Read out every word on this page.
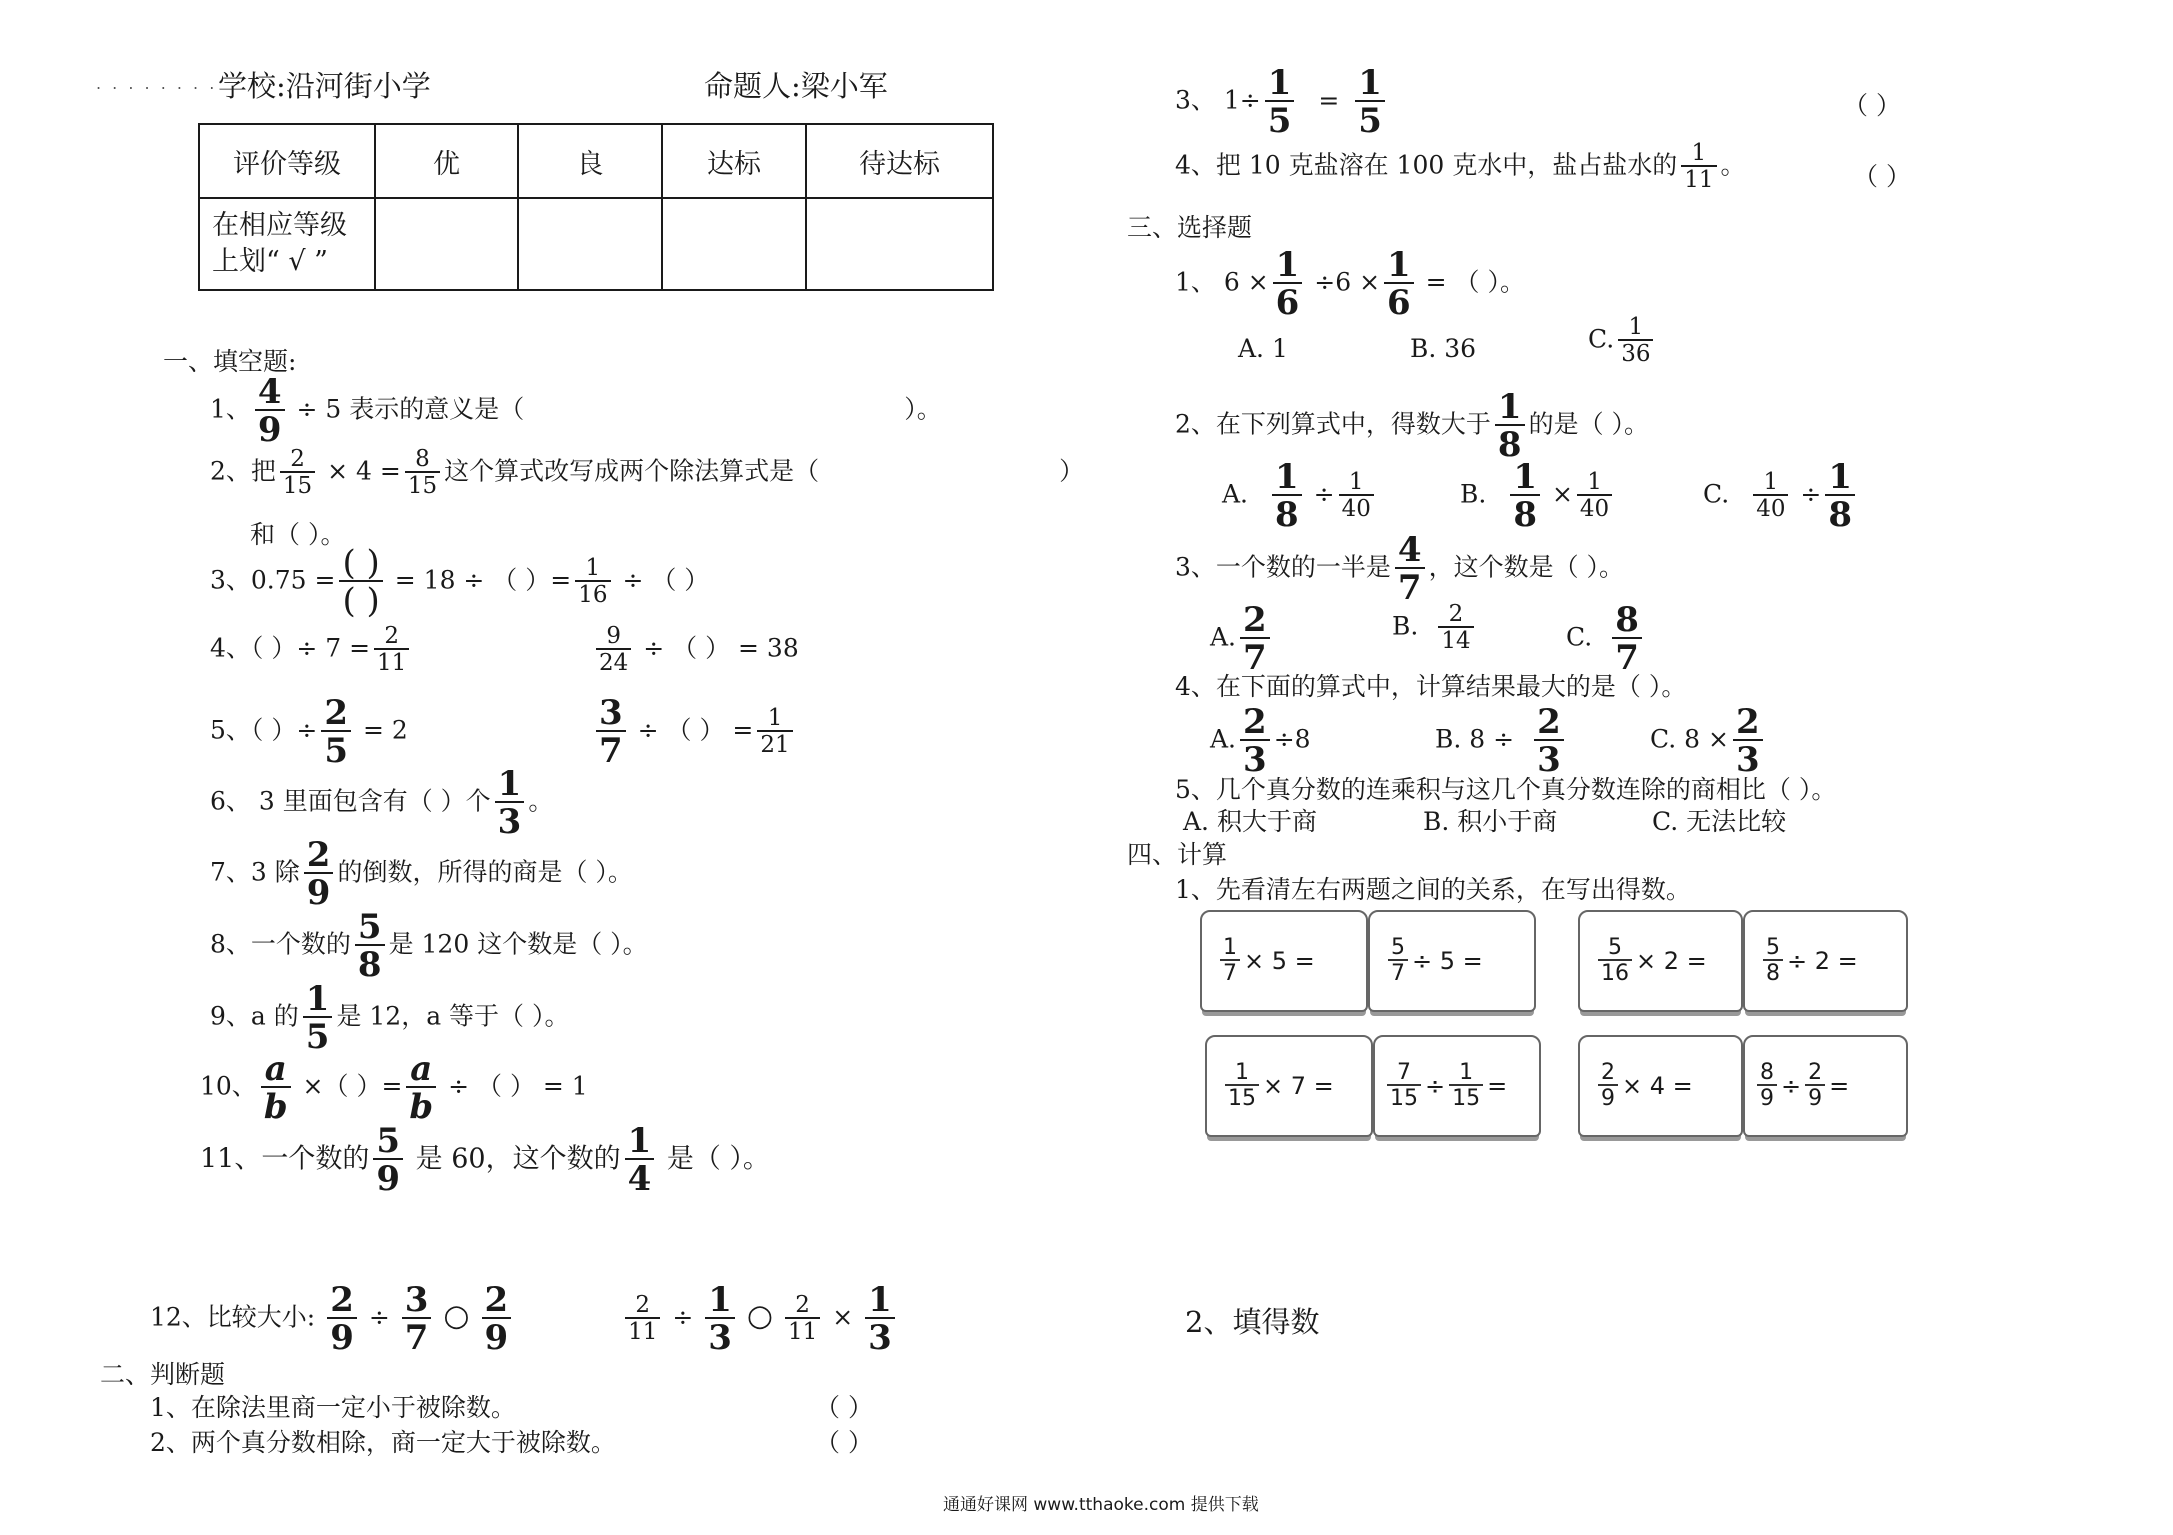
. . . . . . . . 学校:沿河街小学	命题人:梁小军
评价等级	优	良	达标	待达标
在相应等级
上划“ √ ”				
一、填空题:
1、 $\frac{4}{9} \div 5$ 表示的意义是（	）。
2、把 $\frac{2}{15} \times 4 = \frac{8}{15}$ 这个算式改写成两个除法算式是（	）
和（ ）。
3、0.75 = ( )
( )
= 18 ÷ （ ）= $\frac{1}{16}$ ÷ （ ）
4、（ ）÷ $7 = \frac{2}{11}$	$\frac{9}{24}$ ÷ （ ） = 38
5、（ ）÷ $\frac{2}{5} = 2$	$\frac{3}{7}$ ÷ （ ） = $\frac{1}{21}$
6、 3 里面包含有（ ）个 $\frac{1}{3}$ 。
7、3 除 $\frac{2}{9}$ 的倒数，所得的商是（ ）。
8、一个数的 $\frac{5}{8}$ 是 120 这个数是（ ）。
9、a 的 $\frac{1}{5}$ 是 12，a 等于（ ）。
10、 $\frac{a}{b}$ ×（ ）= $\frac{a}{b}$ ÷ （ ） = 1
11、一个数的 $\frac{5}{9}$ 是 60，这个数的 $\frac{1}{4}$ 是（ ）。
12、比较大小: $\frac{2}{9} \div \frac{3}{7}$ ○ $\frac{2}{9}$
	$\frac{2}{11} \div \frac{1}{3}$ ○ $\frac{2}{11} \times \frac{1}{3}$
二、判断题
1、在除法里商一定小于被除数。	（ ）
2、两个真分数相除，商一定大于被除数。	（ ）
3、 $1\div \frac{1}{5} = \frac{1}{5}$	（ ）
4、把 10 克盐溶在 100 克水中，盐占盐水的 $\frac{1}{11}$ 。	（ ）
三、选择题
1、 $6 \times \frac{1}{6} \div 6 \times \frac{1}{6}$ = （ ）。
A. 1	B. 36	C. $\frac{1}{36}$
2、在下列算式中，得数大于 $\frac{1}{8}$ 的是（ ）。
A. $\frac{1}{8} \div \frac{1}{40}$	B. $\frac{1}{8} \times \frac{1}{40}$	C. $\frac{1}{40} \div \frac{1}{8}$
3、一个数的一半是 $\frac{4}{7}$ ，这个数是（ ）。
A. $\frac{2}{7}$	B. $\frac{2}{14}$	C. $\frac{8}{7}$
4、在下面的算式中，计算结果最大的是（ ）。
A. $\frac{2}{3} \div 8$	B. $8 \div \frac{2}{3}$	C. $8 \times \frac{2}{3}$
5、几个真分数的连乘积与这几个真分数连除的商相比（ ）。
A. 积大于商	B. 积小于商	C. 无法比较
四、计算
1、先看清左右两题之间的关系，在写出得数。
$\frac{1}{7} \times 5$ =	$\frac{5}{7} \div 5$ =	$\frac{5}{16} \times 2$ =	$\frac{5}{8} \div 2$ =
$\frac{1}{15} \times 7 = \frac{7}{15} \div \frac{1}{15}$ =	$\frac{2}{9} \times 4$ =	$\frac{8}{9} \div \frac{2}{9}$ =
2、填得数
通通好课网 www.tthaoke.com 提供下载
